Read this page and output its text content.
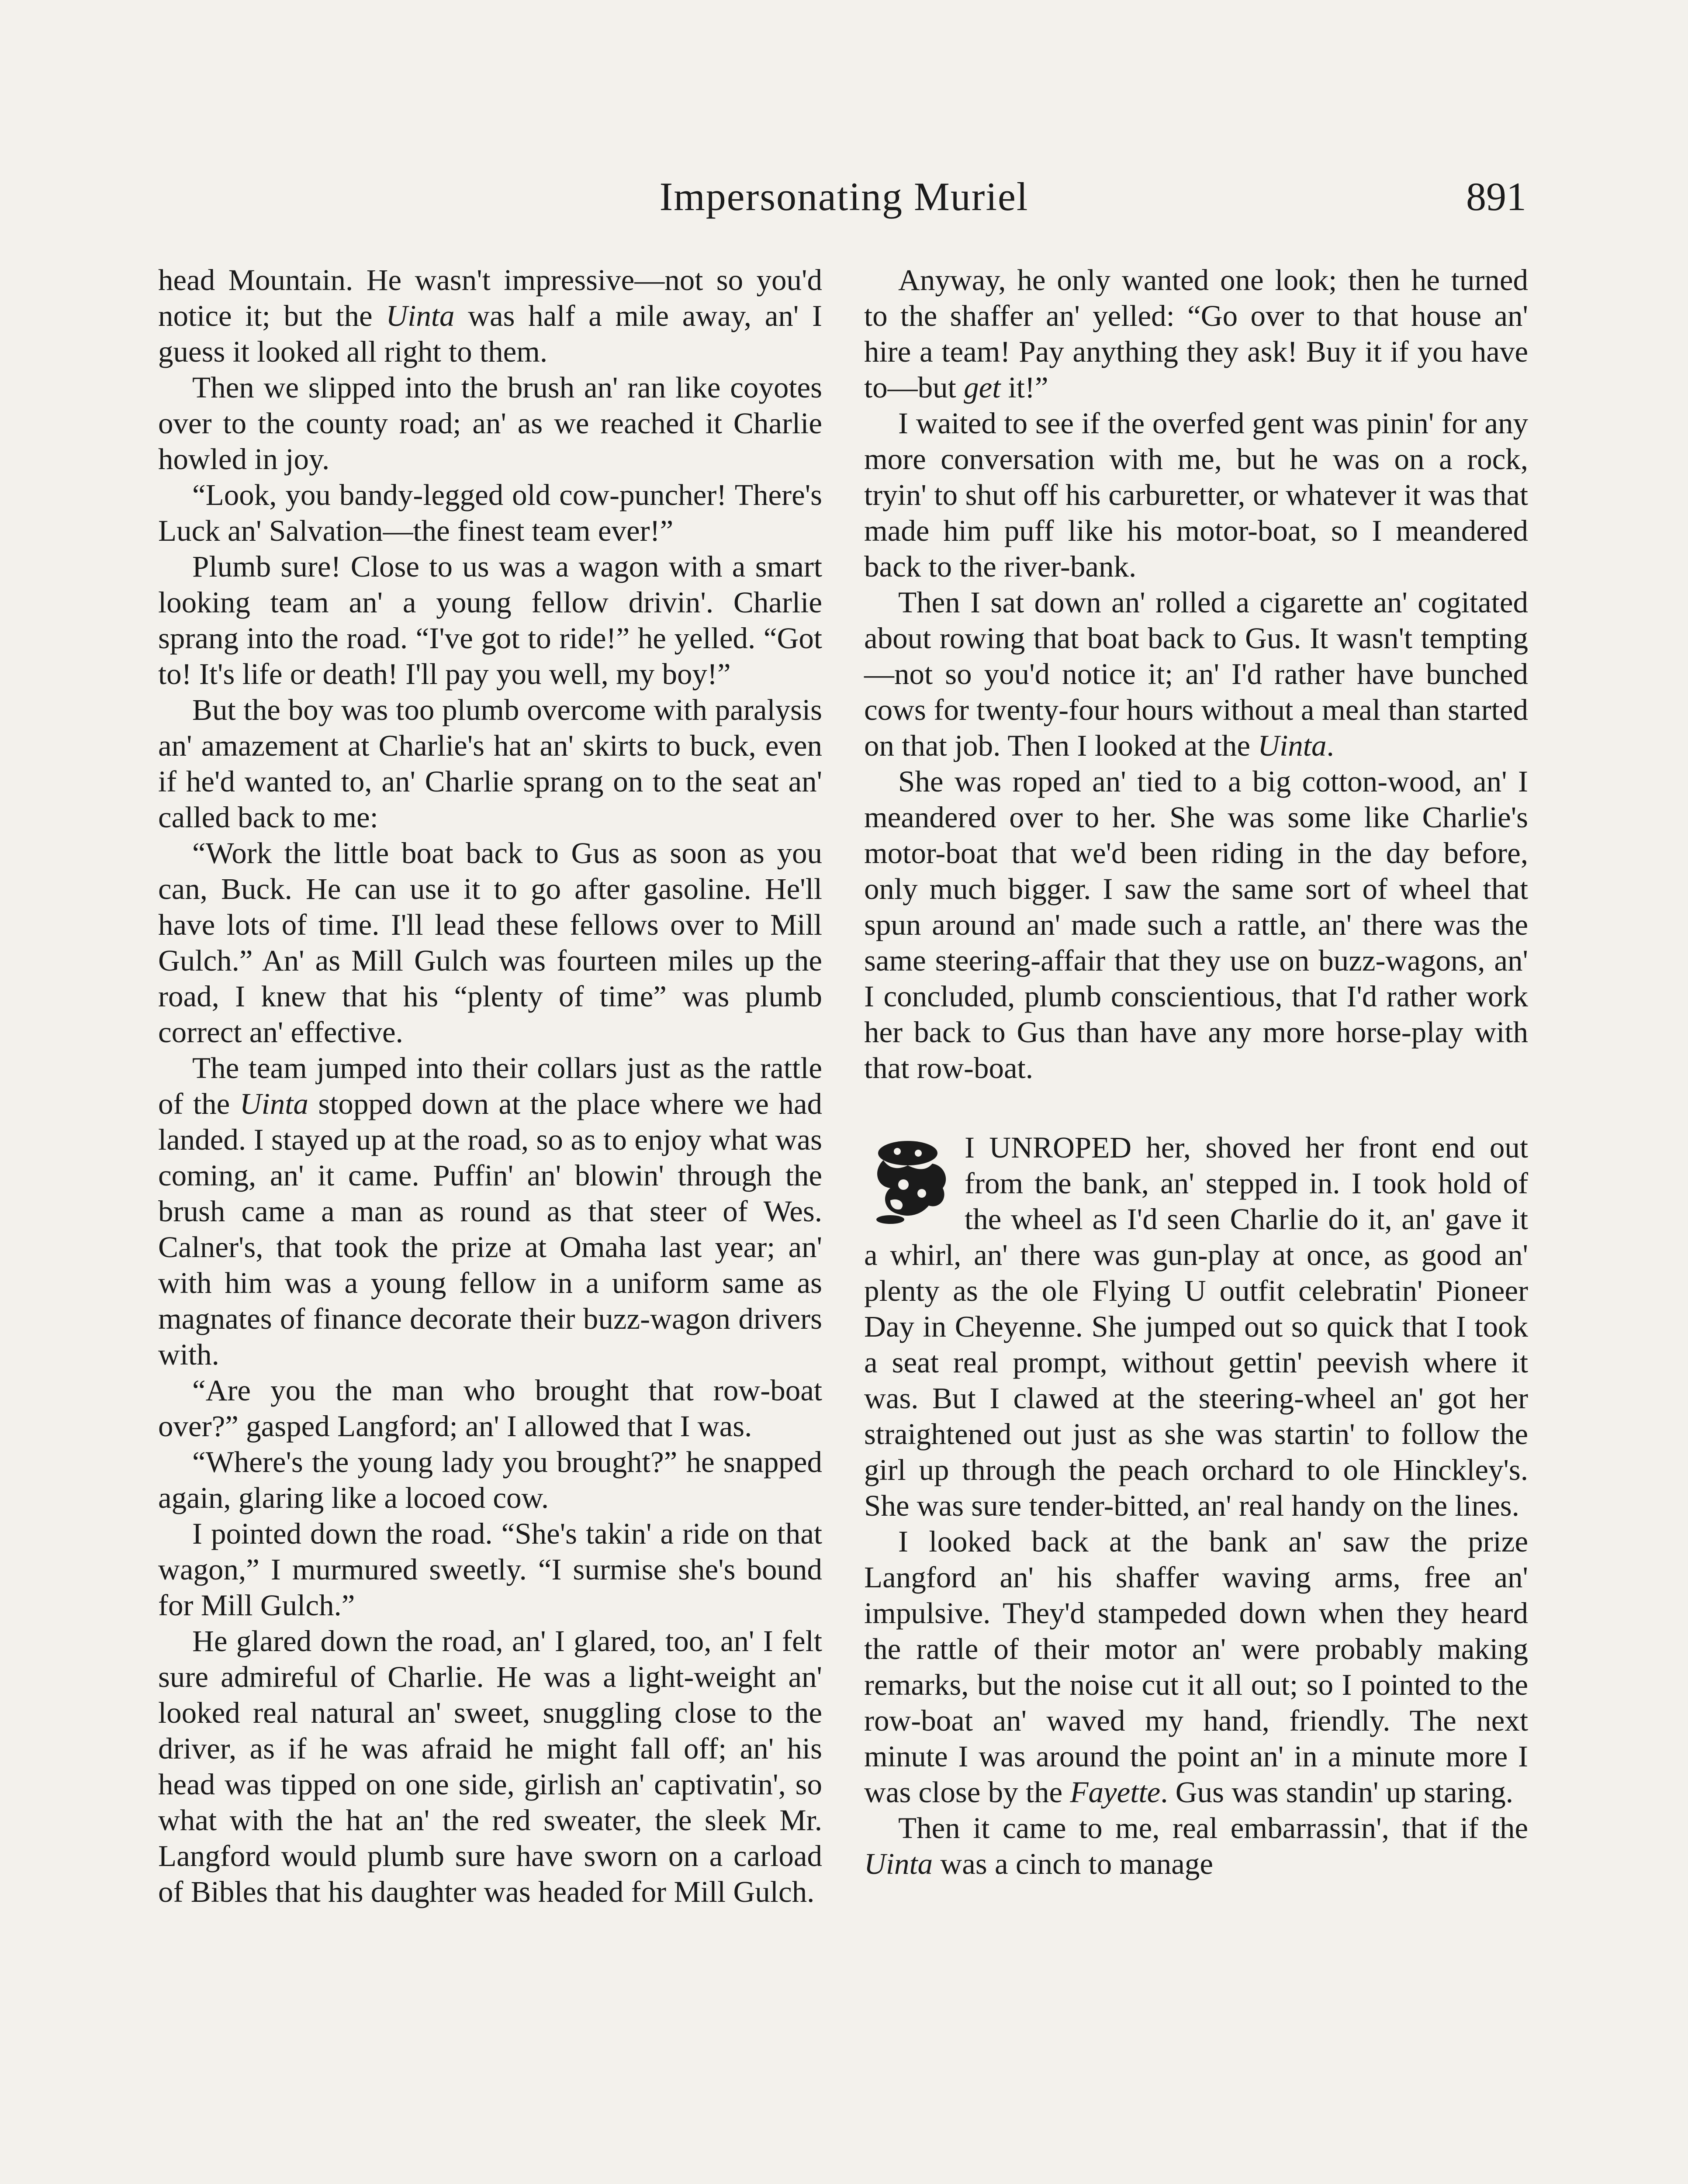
Impersonating Muriel	891

head Mountain. He wasn't impressive—not so you'd notice it; but the Uinta was half a mile away, an' I guess it looked all right to them.

Then we slipped into the brush an' ran like coyotes over to the county road; an' as we reached it Charlie howled in joy.

“Look, you bandy-legged old cow-puncher! There's Luck an' Salvation—the finest team ever!”

Plumb sure! Close to us was a wagon with a smart looking team an' a young fellow drivin'. Charlie sprang into the road. “I've got to ride!” he yelled. “Got to! It's life or death! I'll pay you well, my boy!”

But the boy was too plumb overcome with paralysis an' amazement at Charlie's hat an' skirts to buck, even if he'd wanted to, an' Charlie sprang on to the seat an' called back to me:

“Work the little boat back to Gus as soon as you can, Buck. He can use it to go after gasoline. He'll have lots of time. I'll lead these fellows over to Mill Gulch.” An' as Mill Gulch was fourteen miles up the road, I knew that his “plenty of time” was plumb correct an' effective.

The team jumped into their collars just as the rattle of the Uinta stopped down at the place where we had landed. I stayed up at the road, so as to enjoy what was coming, an' it came. Puffin' an' blowin' through the brush came a man as round as that steer of Wes. Calner's, that took the prize at Omaha last year; an' with him was a young fellow in a uniform same as magnates of finance decorate their buzz-wagon drivers with.

“Are you the man who brought that row-boat over?” gasped Langford; an' I allowed that I was.

“Where's the young lady you brought?” he snapped again, glaring like a locoed cow.

I pointed down the road. “She's takin' a ride on that wagon,” I murmured sweetly. “I surmise she's bound for Mill Gulch.”

He glared down the road, an' I glared, too, an' I felt sure admireful of Charlie. He was a light-weight an' looked real natural an' sweet, snuggling close to the driver, as if he was afraid he might fall off; an' his head was tipped on one side, girlish an' captivatin', so what with the hat an' the red sweater, the sleek Mr. Langford would plumb sure have sworn on a carload of Bibles that his daughter was headed for Mill Gulch.

Anyway, he only wanted one look; then he turned to the shaffer an' yelled: “Go over to that house an' hire a team! Pay anything they ask! Buy it if you have to—but get it!”

I waited to see if the overfed gent was pinin' for any more conversation with me, but he was on a rock, tryin' to shut off his carburetter, or whatever it was that made him puff like his motor-boat, so I meandered back to the river-bank.

Then I sat down an' rolled a cigarette an' cogitated about rowing that boat back to Gus. It wasn't tempting—not so you'd notice it; an' I'd rather have bunched cows for twenty-four hours without a meal than started on that job. Then I looked at the Uinta.

She was roped an' tied to a big cotton-wood, an' I meandered over to her. She was some like Charlie's motor-boat that we'd been riding in the day before, only much bigger. I saw the same sort of wheel that spun around an' made such a rattle, an' there was the same steering-affair that they use on buzz-wagons, an' I concluded, plumb conscientious, that I'd rather work her back to Gus than have any more horse-play with that row-boat.

I UNROPED her, shoved her front end out from the bank, an' stepped in. I took hold of the wheel as I'd seen Charlie do it, an' gave it a whirl, an' there was gun-play at once, as good an' plenty as the ole Flying U outfit celebratin' Pioneer Day in Cheyenne. She jumped out so quick that I took a seat real prompt, without gettin' peevish where it was. But I clawed at the steering-wheel an' got her straightened out just as she was startin' to follow the girl up through the peach orchard to ole Hinckley's. She was sure tender-bitted, an' real handy on the lines.

I looked back at the bank an' saw the prize Langford an' his shaffer waving arms, free an' impulsive. They'd stampeded down when they heard the rattle of their motor an' were probably making remarks, but the noise cut it all out; so I pointed to the row-boat an' waved my hand, friendly. The next minute I was around the point an' in a minute more I was close by the Fayette. Gus was standin' up staring.

Then it came to me, real embarrassin', that if the Uinta was a cinch to manage
